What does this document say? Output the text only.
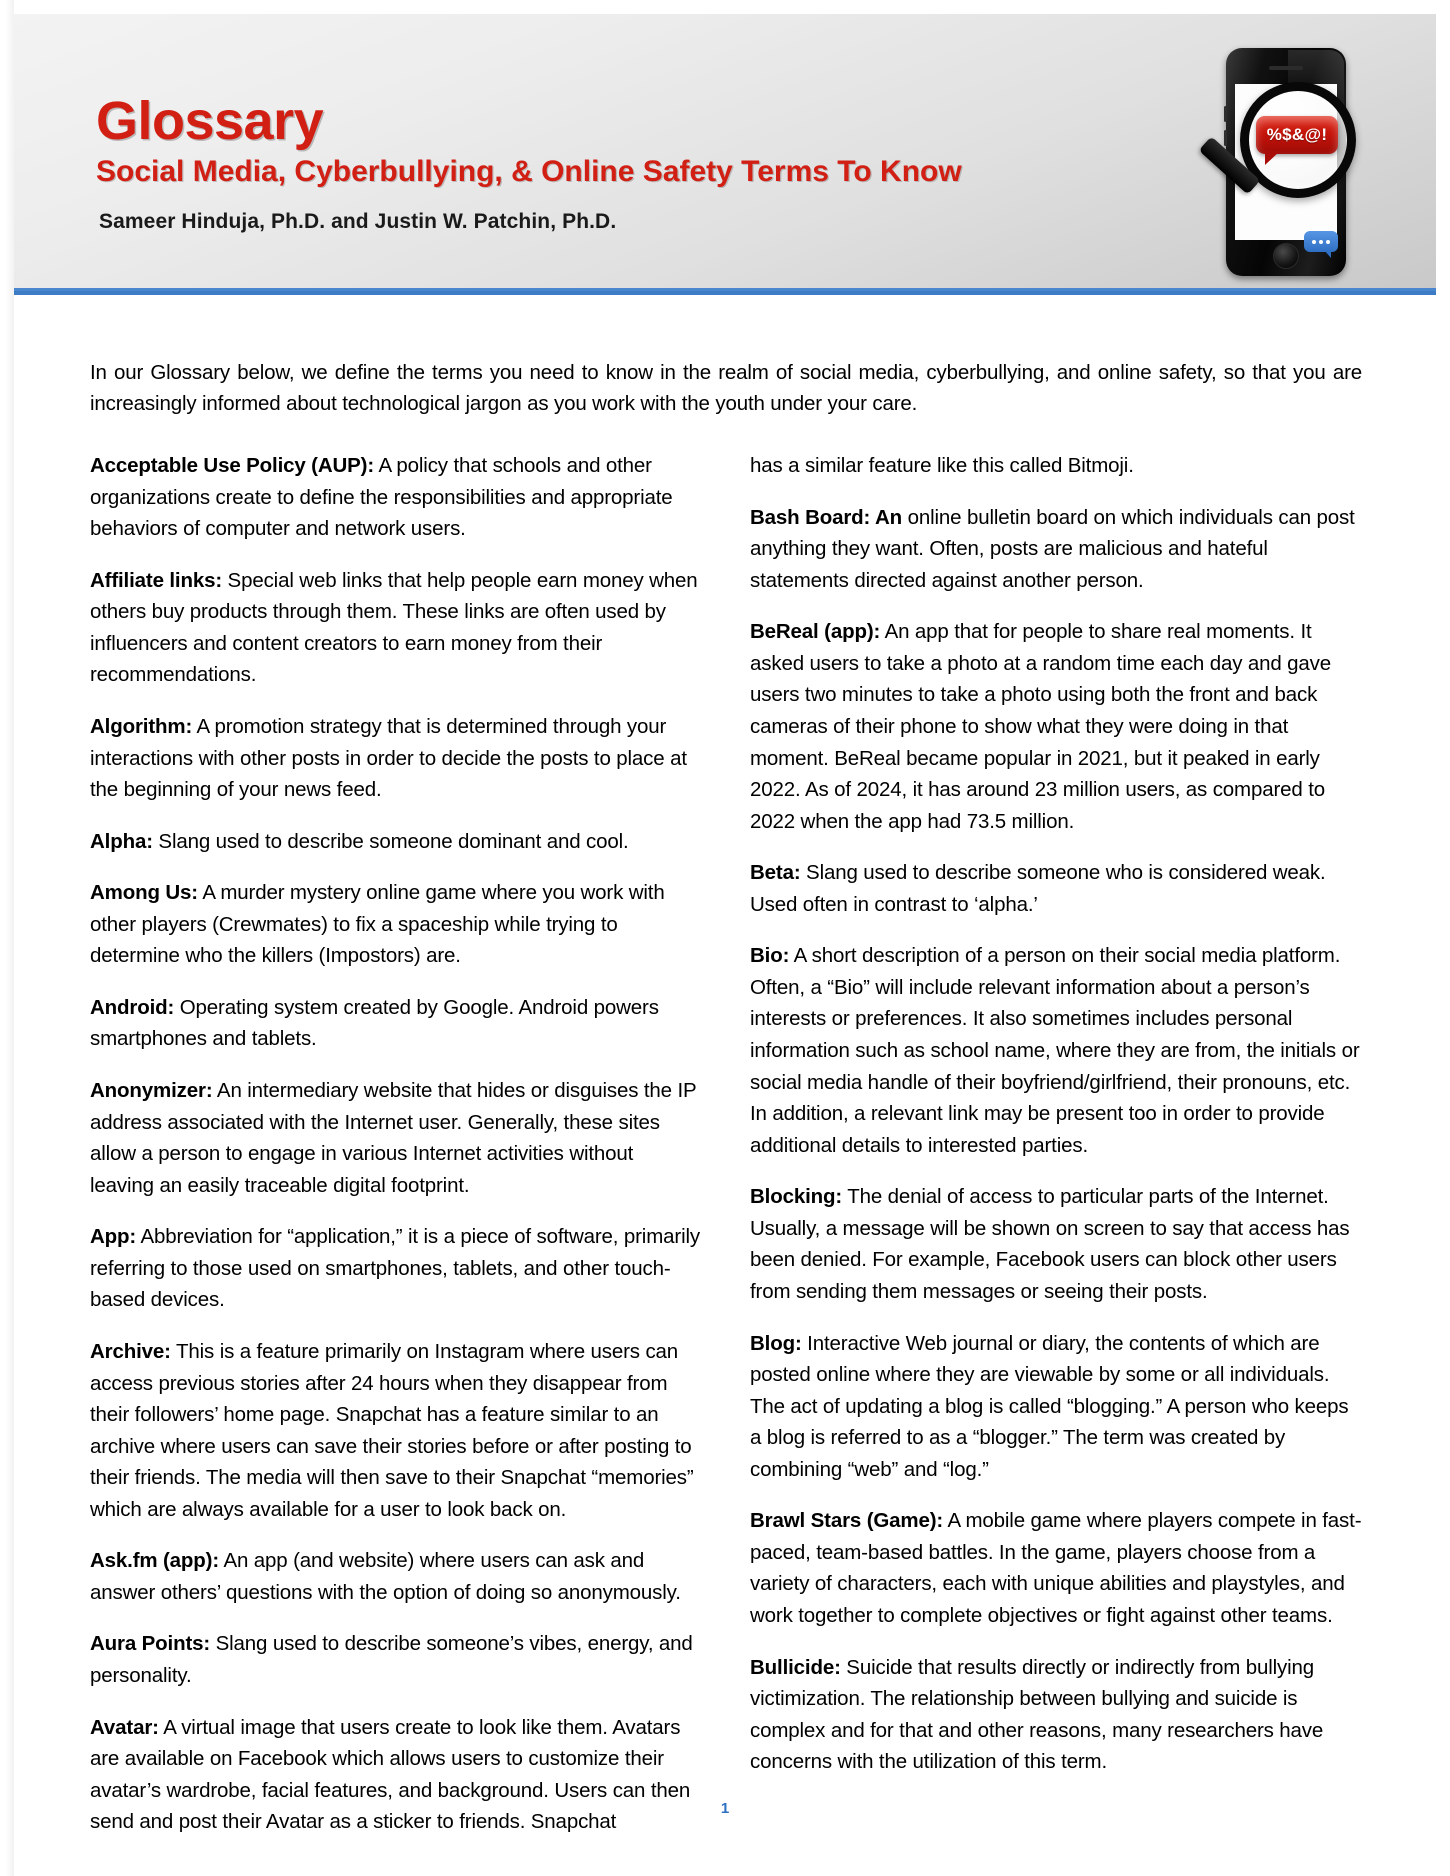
Glossary
Social Media, Cyberbullying, & Online Safety Terms To Know

Sameer Hinduja, Ph.D. and Justin W. Patchin, Ph.D.

%$&@!

In our Glossary below, we define the terms you need to know in the realm of social media, cyberbullying, and online safety, so that you are increasingly informed about technological jargon as you work with the youth under your care.

Acceptable Use Policy (AUP): A policy that schools and other organizations create to define the responsibilities and appropriate behaviors of computer and network users.

Affiliate links: Special web links that help people earn money when others buy products through them. These links are often used by influencers and content creators to earn money from their recommendations.

Algorithm: A promotion strategy that is determined through your interactions with other posts in order to decide the posts to place at the beginning of your news feed.

Alpha: Slang used to describe someone dominant and cool.

Among Us: A murder mystery online game where you work with other players (Crewmates) to fix a spaceship while trying to determine who the killers (Impostors) are.

Android: Operating system created by Google. Android powers smartphones and tablets.

Anonymizer: An intermediary website that hides or disguises the IP address associated with the Internet user. Generally, these sites allow a person to engage in various Internet activities without leaving an easily traceable digital footprint.

App: Abbreviation for “application,” it is a piece of software, primarily referring to those used on smartphones, tablets, and other touch-based devices.

Archive: This is a feature primarily on Instagram where users can access previous stories after 24 hours when they disappear from their followers’ home page. Snapchat has a feature similar to an archive where users can save their stories before or after posting to their friends. The media will then save to their Snapchat “memories” which are always available for a user to look back on.

Ask.fm (app): An app (and website) where users can ask and answer others’ questions with the option of doing so anonymously.

Aura Points: Slang used to describe someone’s vibes, energy, and personality.

Avatar: A virtual image that users create to look like them. Avatars are available on Facebook which allows users to customize their avatar’s wardrobe, facial features, and background. Users can then send and post their Avatar as a sticker to friends. Snapchat

has a similar feature like this called Bitmoji.

Bash Board: An online bulletin board on which individuals can post anything they want. Often, posts are malicious and hateful statements directed against another person.

BeReal (app): An app that for people to share real moments. It asked users to take a photo at a random time each day and gave users two minutes to take a photo using both the front and back cameras of their phone to show what they were doing in that moment. BeReal became popular in 2021, but it peaked in early 2022. As of 2024, it has around 23 million users, as compared to 2022 when the app had 73.5 million.

Beta: Slang used to describe someone who is considered weak. Used often in contrast to ‘alpha.’

Bio: A short description of a person on their social media platform. Often, a “Bio” will include relevant information about a person’s interests or preferences. It also sometimes includes personal information such as school name, where they are from, the initials or social media handle of their boyfriend/girlfriend, their pronouns, etc. In addition, a relevant link may be present too in order to provide additional details to interested parties.

Blocking: The denial of access to particular parts of the Internet. Usually, a message will be shown on screen to say that access has been denied. For example, Facebook users can block other users from sending them messages or seeing their posts.

Blog: Interactive Web journal or diary, the contents of which are posted online where they are viewable by some or all individuals. The act of updating a blog is called “blogging.” A person who keeps a blog is referred to as a “blogger.” The term was created by combining “web” and “log.”

Brawl Stars (Game): A mobile game where players compete in fast-paced, team-based battles. In the game, players choose from a variety of characters, each with unique abilities and playstyles, and work together to complete objectives or fight against other teams.

Bullicide: Suicide that results directly or indirectly from bullying victimization. The relationship between bullying and suicide is complex and for that and other reasons, many researchers have concerns with the utilization of this term.

1
